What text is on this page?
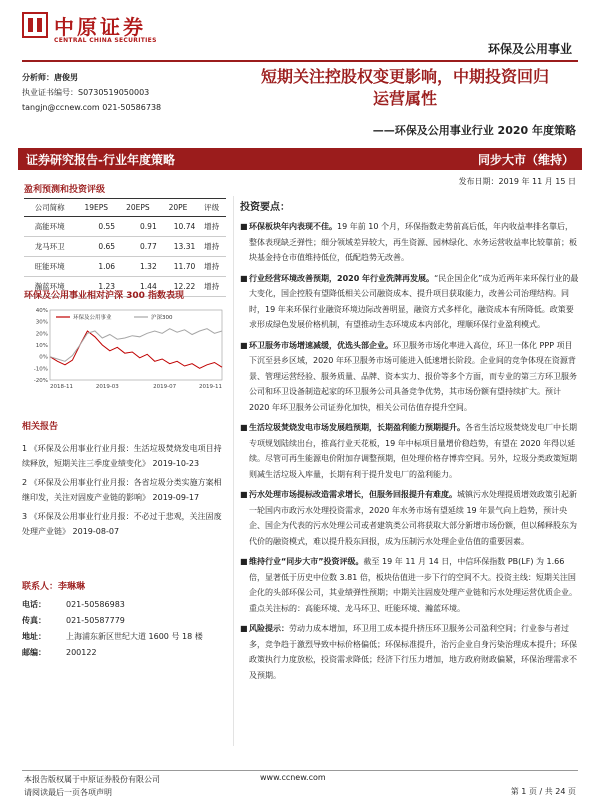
中原证券
CENTRAL CHINA SECURITIES
环保及公用事业
分析师：唐俊男
执业证书编号：S0730519050003
tangjn@ccnew.com 021-50586738
短期关注控股权变更影响，中期投资回归
运营属性
——环保及公用事业行业 2020 年度策略
证券研究报告-行业年度策略	同步大市（维持）
发布日期：2019 年 11 月 15 日
盈利预测和投资评级
公司简称	19EPS	20EPS	20PE	评级
高能环境	0.55	0.91	10.74	增持
龙马环卫	0.65	0.77	13.31	增持
旺能环境	1.06	1.32	11.70	增持
瀚蓝环境	1.23	1.44	12.22	增持
环保及公用事业相对沪深 300 指数表现
40%
30%
20%
10%
0%
-10%
-20%
2018-11	2019-03	2019-07	2019-11
环保及公用事业	沪深300
相关报告
1 《环保及公用事业行业月报：生活垃圾焚烧发电项目持续释放，短期关注三季度业绩变化》 2019-10-23
2 《环保及公用事业行业月报：各省垃圾分类实施方案相继印发，关注对固废产业链的影响》 2019-09-17
3 《环保及公用事业行业月报：不必过于悲观，关注固废处理产业链》 2019-08-07
联系人：李琳琳
电话：	021-50586983
传真：	021-50587779
地址：	上海浦东新区世纪大道 1600 号 18 楼
邮编：	200122
投资要点：
■ 环保板块年内表现不佳。19 年前 10 个月，环保指数走势前高后低，年内收益率排名靠后，整体表现缺乏弹性；细分领域差异较大，再生资源、园林绿化、水务运营收益率比较靠前；板块基金持仓市值维持低位，低配趋势无改善。
■ 行业经营环境改善预期，2020 年行业洗牌再发展。“民企国企化”成为近两年来环保行业的最大变化，国企控股有望降低相关公司融资成本、提升项目获取能力，改善公司治理结构。同时，19 年来环保行业融资环境边际改善明显，融资方式多样化，融资成本有所降低。政策要求形成绿色发展价格机制，有望推动生态环境成本内部化，理顺环保行业盈利模式。
■ 环卫服务市场增速减缓，优选头部企业。环卫服务市场化率进入高位，环卫一体化 PPP 项目下沉至县乡区域，2020 年环卫服务市场可能进入低速增长阶段。企业间的竞争体现在资源背景、管理运营经验、服务质量、品牌、资本实力、报价等多个方面，而专业的第三方环卫服务公司和环卫设备制造起家的环卫服务公司具备竞争优势，其市场份额有望持续扩大。预计 2020 年环卫服务公司证券化加快，相关公司估值存提升空间。
■ 生活垃圾焚烧发电市场发展趋预期，长期盈利能力预期提升。各省生活垃圾焚烧发电厂中长期专项规划陆续出台，推高行业天花板，19 年中标项目量增价稳趋势，有望在 2020 年得以延续。尽管可再生能源电价附加存调整预期，但处理价格存博弈空间。另外，垃圾分类政策短期则减生活垃圾入库量，长期有利于提升发电厂的盈利能力。
■ 污水处理市场提标改造需求增长，但服务回报提升有难度。城镇污水处理提质增效政策引起新一轮国内市政污水处理投资需求，2020 年水务市场有望延续 19 年景气向上趋势，预计央企、国企为代表的污水处理公司或者建筑类公司将获取大部分新增市场份额，但以稀释股东为代价的融资模式，难以提升股东回报，成为压制污水处理企业估值的重要因素。
■ 维持行业“同步大市”投资评级。截至 19 年 11 月 14 日，中信环保指数 PB(LF) 为 1.66 倍，显著低于历史中位数 3.81 倍，板块估值进一步下行的空间不大。投资主线：短期关注国企化的头部环保公司，其业绩弹性预期；中期关注固废处理产业链和污水处理运营优质企业。重点关注标的：高能环境、龙马环卫、旺能环境、瀚蓝环境。
■ 风险提示：劳动力成本增加，环卫用工成本提升挤压环卫服务公司盈利空间；行业参与者过多，竞争趋于激烈导致中标价格偏低；环保标准提升，治污企业自身污染治理成本提升；环保政策执行力度放松，投资需求降低；经济下行压力增加，地方政府财政偏紧，环保治理需求不及预期。
本报告版权属于中原证券股份有限公司
请阅读最后一页各项声明
www.ccnew.com
第 1 页 / 共 24 页
